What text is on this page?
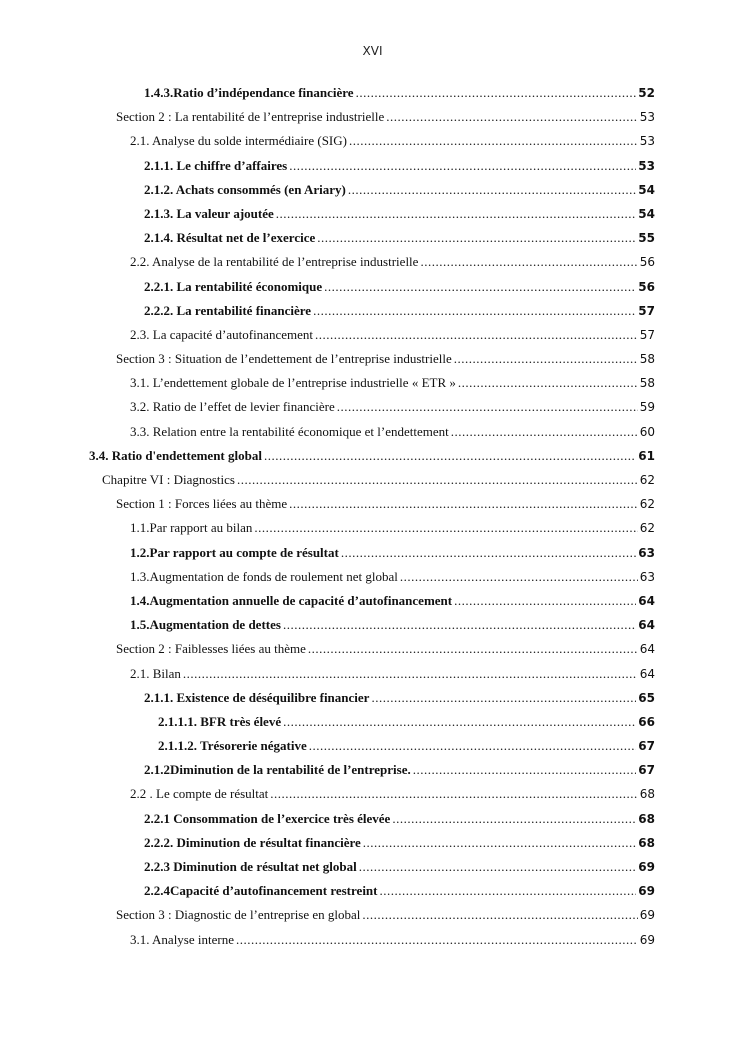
XVI
1.4.3. Ratio d’indépendance financière .....	52
Section 2 : La rentabilité de l’entreprise industrielle .....	53
2.1. Analyse du solde intermédiaire (SIG) .....	53
2.1.1. Le chiffre d’affaires .....	53
2.1.2. Achats consommés (en Ariary) .....	54
2.1.3. La valeur ajoutée .....	54
2.1.4. Résultat net de l’exercice .....	55
2.2. Analyse de la rentabilité de l’entreprise industrielle .....	56
2.2.1. La rentabilité économique .....	56
2.2.2. La rentabilité financière .....	57
2.3. La capacité d’autofinancement .....	57
Section 3 : Situation de l’endettement de l’entreprise industrielle .....	58
3.1. L’endettement globale de l’entreprise industrielle « ETR » .....	58
3.2. Ratio de l’effet de levier financière .....	59
3.3. Relation entre la rentabilité économique et l’endettement .....	60
3.4. Ratio d'endettement global .....	61
Chapitre VI : Diagnostics .....	62
Section 1 : Forces liées au thème .....	62
1.1. Par rapport au bilan .....	62
1.2. Par rapport au compte de résultat .....	63
1.3. Augmentation de fonds de roulement net global .....	63
1.4. Augmentation annuelle de capacité d’autofinancement .....	64
1.5. Augmentation de dettes .....	64
Section 2 : Faiblesses liées au thème .....	64
2.1. Bilan .....	64
2.1.1. Existence de déséquilibre financier .....	65
2.1.1.1. BFR très élevé .....	66
2.1.1.2. Trésorerie négative .....	67
2.1.2 Diminution de la rentabilité de l’entreprise. .....	67
2.2 . Le compte de résultat .....	68
2.2.1 Consommation de l’exercice très élevée .....	68
2.2.2. Diminution de résultat financière .....	68
2.2.3 Diminution de résultat net global .....	69
2.2.4 Capacité d’autofinancement restreint .....	69
Section 3 : Diagnostic de l’entreprise en global .....	69
3.1. Analyse interne .....	69
